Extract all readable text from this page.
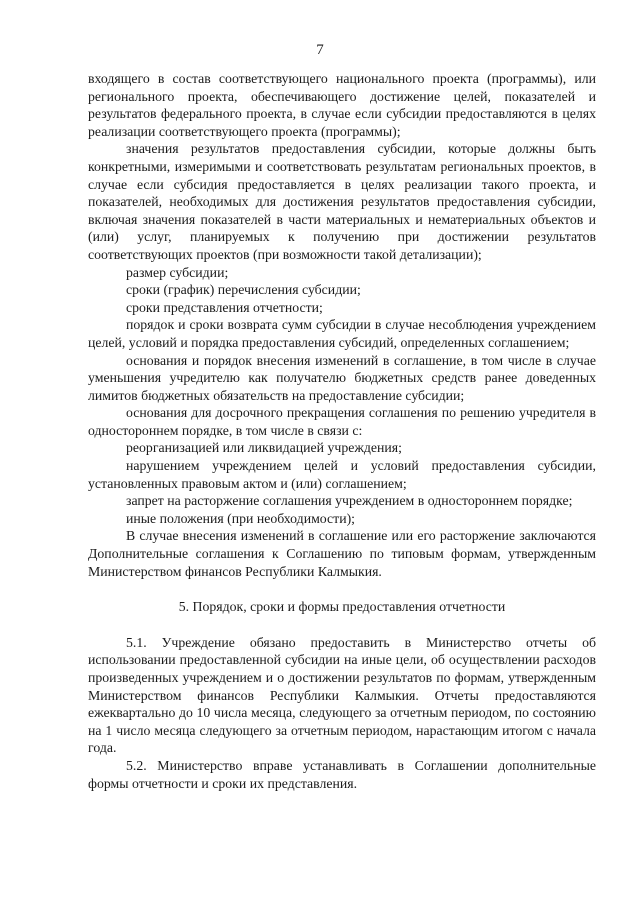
7

входящего в состав соответствующего национального проекта (программы), или регионального проекта, обеспечивающего достижение целей, показателей и результатов федерального проекта, в случае если субсидии предоставляются в целях реализации соответствующего проекта (программы);

значения результатов предоставления субсидии, которые должны быть конкретными, измеримыми и соответствовать результатам региональных проектов, в случае если субсидия предоставляется в целях реализации такого проекта, и показателей, необходимых для достижения результатов предоставления субсидии, включая значения показателей в части материальных и нематериальных объектов и (или) услуг, планируемых к получению при достижении результатов соответствующих проектов (при возможности такой детализации);

размер субсидии;

сроки (график) перечисления субсидии;

сроки представления отчетности;

порядок и сроки возврата сумм субсидии в случае несоблюдения учреждением целей, условий и порядка предоставления субсидий, определенных соглашением;

основания и порядок внесения изменений в соглашение, в том числе в случае уменьшения учредителю как получателю бюджетных средств ранее доведенных лимитов бюджетных обязательств на предоставление субсидии;

основания для досрочного прекращения соглашения по решению учредителя в одностороннем порядке, в том числе в связи с:

реорганизацией или ликвидацией учреждения;

нарушением учреждением целей и условий предоставления субсидии, установленных правовым актом и (или) соглашением;

запрет на расторжение соглашения учреждением в одностороннем порядке;

иные положения (при необходимости);

В случае внесения изменений в соглашение или его расторжение заключаются Дополнительные соглашения к Соглашению по типовым формам, утвержденным Министерством финансов Республики Калмыкия.

5. Порядок, сроки и формы предоставления отчетности

5.1. Учреждение обязано предоставить в Министерство отчеты об использовании предоставленной субсидии на иные цели, об осуществлении расходов произведенных учреждением и о достижении результатов по формам, утвержденным Министерством финансов Республики Калмыкия. Отчеты предоставляются ежеквартально до 10 числа месяца, следующего за отчетным периодом, по состоянию на 1 число месяца следующего за отчетным периодом, нарастающим итогом с начала года.

5.2. Министерство вправе устанавливать в Соглашении дополнительные формы отчетности и сроки их представления.
